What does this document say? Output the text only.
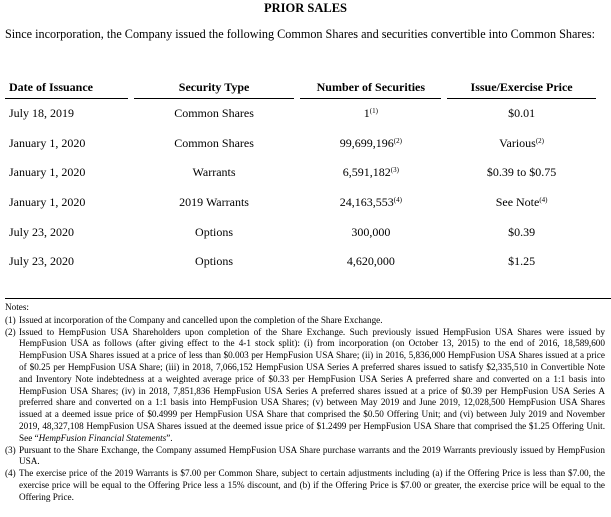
PRIOR SALES
Since incorporation, the Company issued the following Common Shares and securities convertible into Common Shares:
Date of Issuance	Security Type	Number of Securities	Issue/Exercise Price
July 18, 2019	Common Shares	1$^{(1)}$	$0.01
January 1, 2020	Common Shares	99,699,196$^{(2)}$	Various$^{(2)}$
January 1, 2020	Warrants	6,591,182$^{(3)}$	$0.39 to $0.75
January 1, 2020	2019 Warrants	24,163,553$^{(4)}$	See Note$^{(4)}$
July 23, 2020	Options	300,000	$0.39
July 23, 2020	Options	4,620,000	$1.25
Notes:
(1) Issued at incorporation of the Company and cancelled upon the completion of the Share Exchange.
(2) Issued to HempFusion USA Shareholders upon completion of the Share Exchange. Such previously issued HempFusion USA Shares were issued by HempFusion USA as follows (after giving effect to the 4-1 stock split): (i) from incorporation (on October 13, 2015) to the end of 2016, 18,589,600 HempFusion USA Shares issued at a price of less than $0.003 per HempFusion USA Share; (ii) in 2016, 5,836,000 HempFusion USA Shares issued at a price of $0.25 per HempFusion USA Share; (iii) in 2018, 7,066,152 HempFusion USA Series A preferred shares issued to satisfy $2,335,510 in Convertible Note and Inventory Note indebtedness at a weighted average price of $0.33 per HempFusion USA Series A preferred share and converted on a 1:1 basis into HempFusion USA Shares; (iv) in 2018, 7,851,836 HempFusion USA Series A preferred shares issued at a price of $0.39 per HempFusion USA Series A preferred share and converted on a 1:1 basis into HempFusion USA Shares; (v) between May 2019 and June 2019, 12,028,500 HempFusion USA Shares issued at a deemed issue price of $0.4999 per HempFusion USA Share that comprised the $0.50 Offering Unit; and (vi) between July 2019 and November 2019, 48,327,108 HempFusion USA Shares issued at the deemed issue price of $1.2499 per HempFusion USA Share that comprised the $1.25 Offering Unit. See “HempFusion Financial Statements”.
(3) Pursuant to the Share Exchange, the Company assumed HempFusion USA Share purchase warrants and the 2019 Warrants previously issued by HempFusion USA.
(4) The exercise price of the 2019 Warrants is $7.00 per Common Share, subject to certain adjustments including (a) if the Offering Price is less than $7.00, the exercise price will be equal to the Offering Price less a 15% discount, and (b) if the Offering Price is $7.00 or greater, the exercise price will be equal to the Offering Price.
